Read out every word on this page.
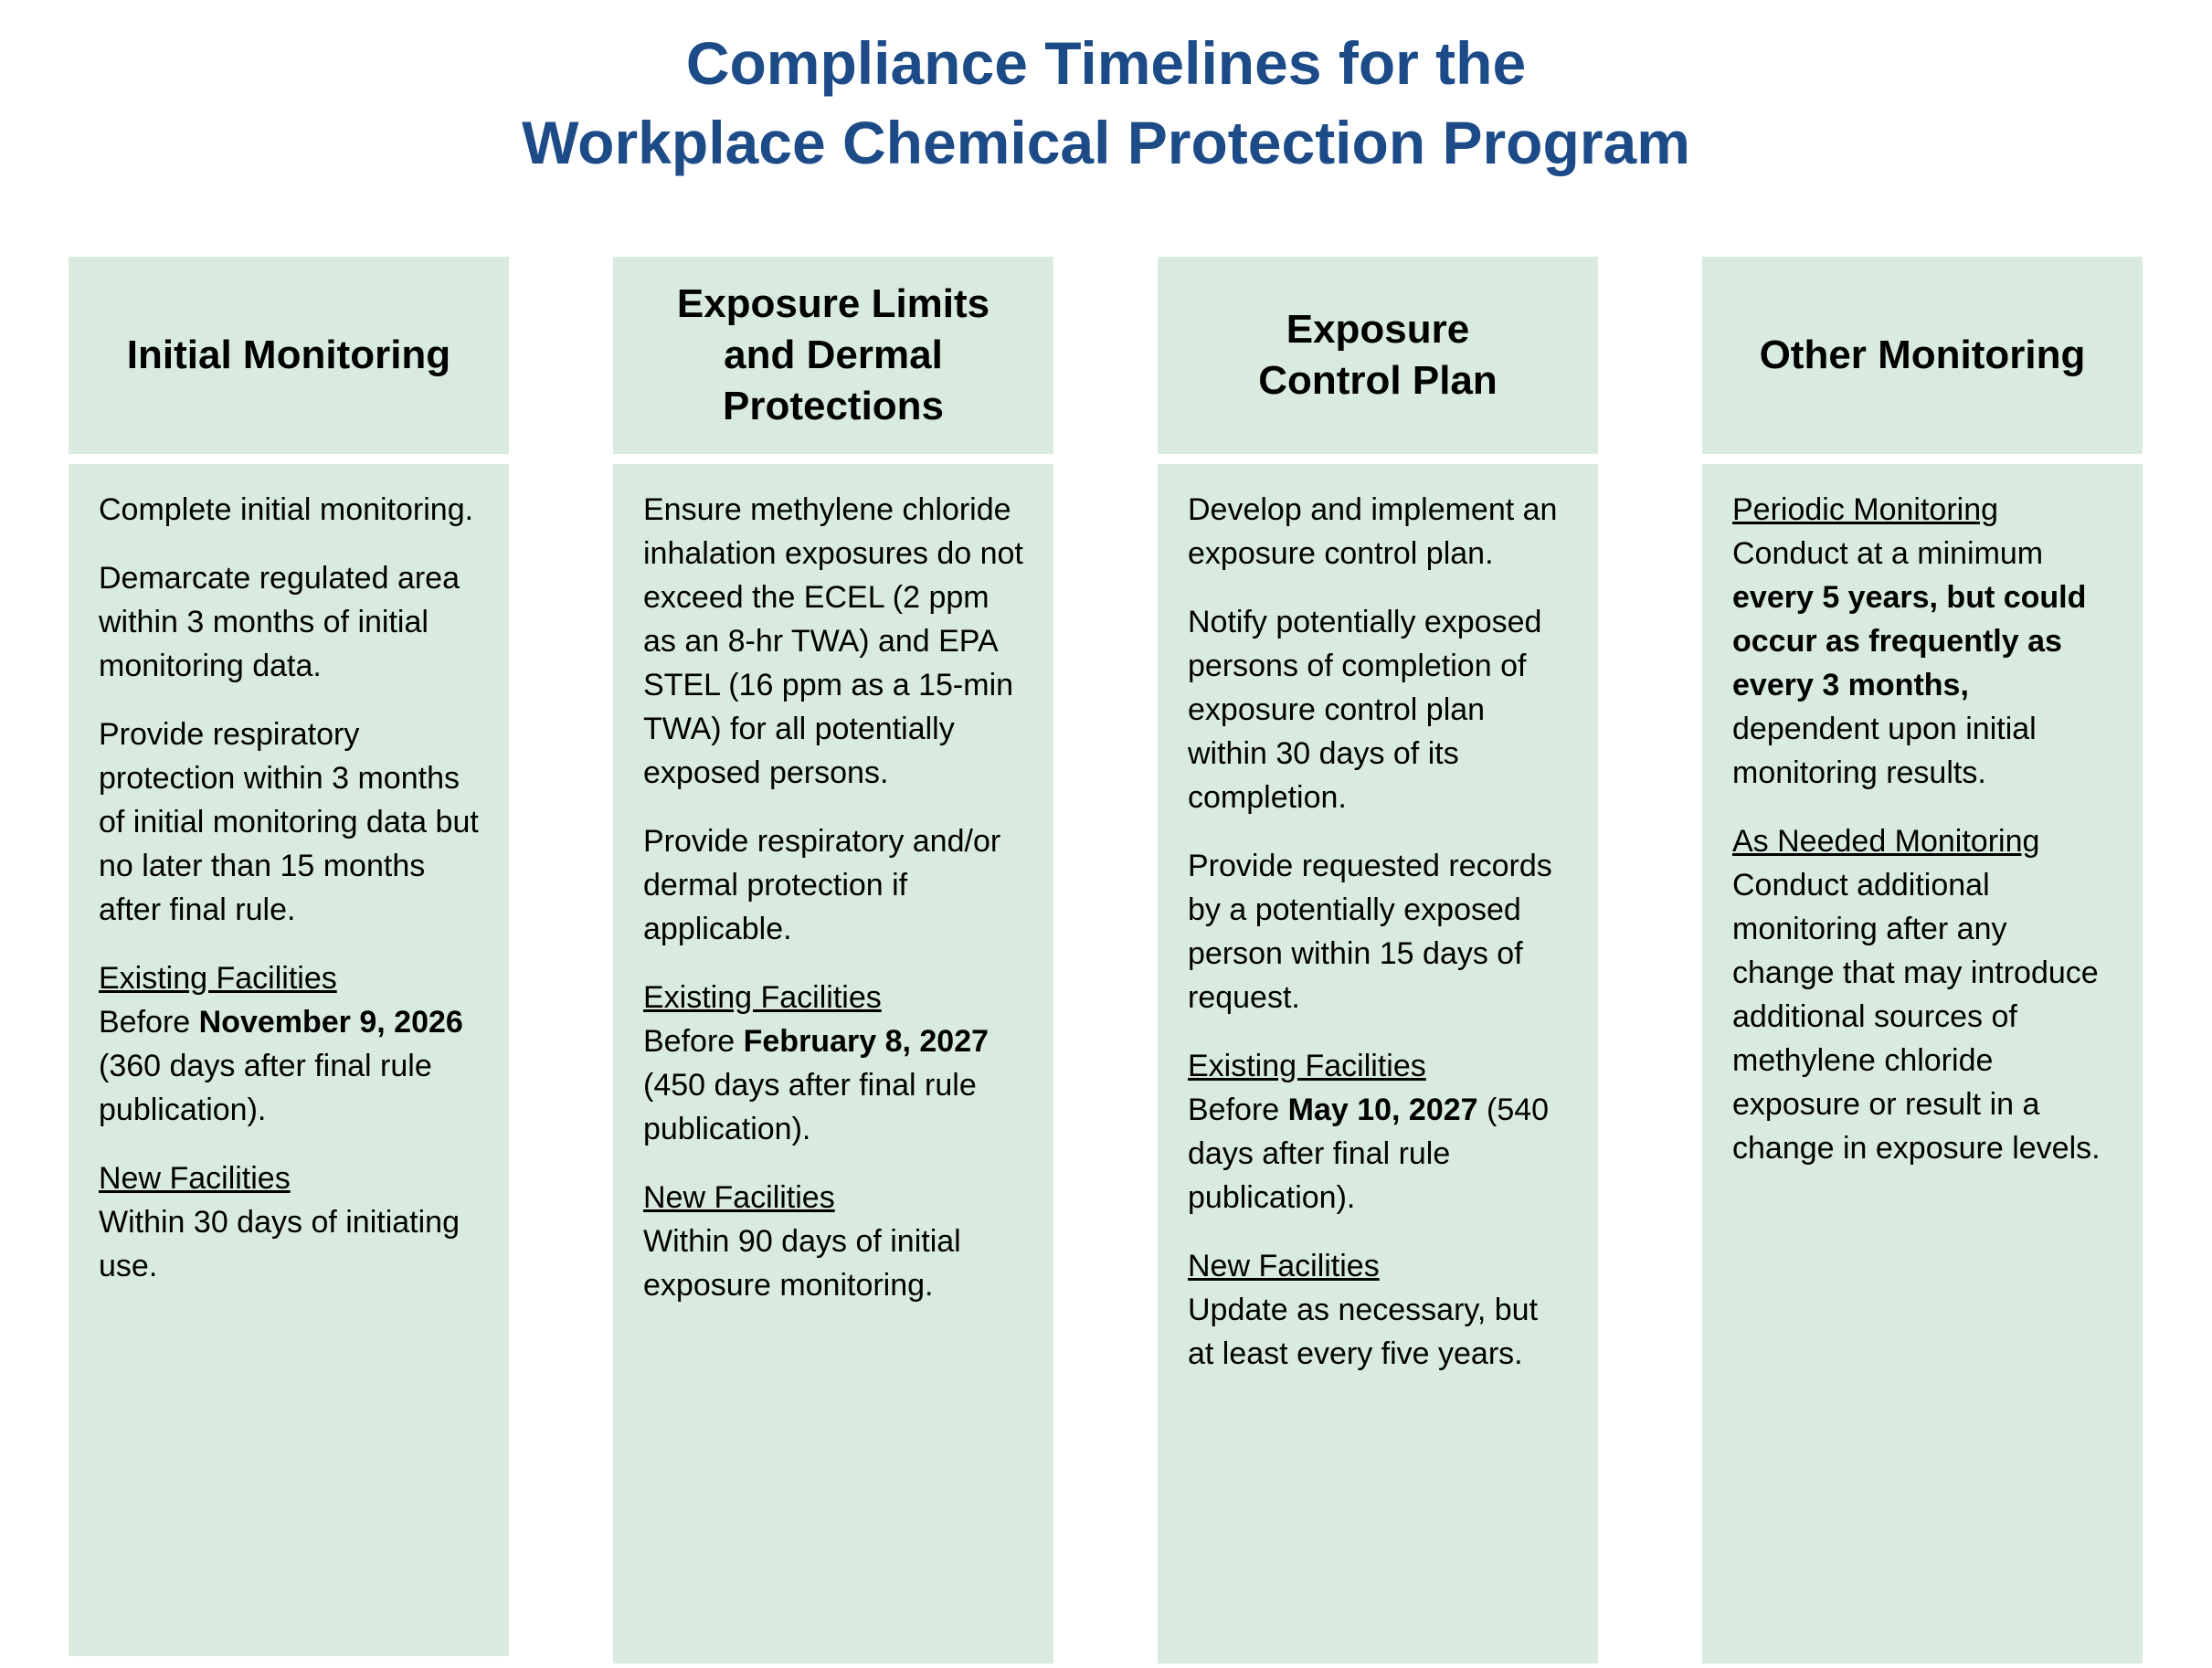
Compliance Timelines for the
Workplace Chemical Protection Program
Initial Monitoring

Complete initial monitoring.

Demarcate regulated area within 3 months of initial monitoring data.

Provide respiratory protection within 3 months of initial monitoring data but no later than 15 months after final rule.

Existing Facilities
Before November 9, 2026 (360 days after final rule publication).

New Facilities
Within 30 days of initiating use.

Exposure Limits
and Dermal
Protections

Ensure methylene chloride inhalation exposures do not exceed the ECEL (2 ppm as an 8-hr TWA) and EPA STEL (16 ppm as a 15-min TWA) for all potentially exposed persons.

Provide respiratory and/or dermal protection if applicable.

Existing Facilities
Before February 8, 2027 (450 days after final rule publication).

New Facilities
Within 90 days of initial exposure monitoring.

Exposure
Control Plan

Develop and implement an exposure control plan.

Notify potentially exposed persons of completion of exposure control plan within 30 days of its completion.

Provide requested records by a potentially exposed person within 15 days of request.

Existing Facilities
Before May 10, 2027 (540 days after final rule publication).

New Facilities
Update as necessary, but at least every five years.

Other Monitoring

Periodic Monitoring
Conduct at a minimum every 5 years, but could occur as frequently as every 3 months, dependent upon initial monitoring results.

As Needed Monitoring
Conduct additional monitoring after any change that may introduce additional sources of methylene chloride exposure or result in a change in exposure levels.
